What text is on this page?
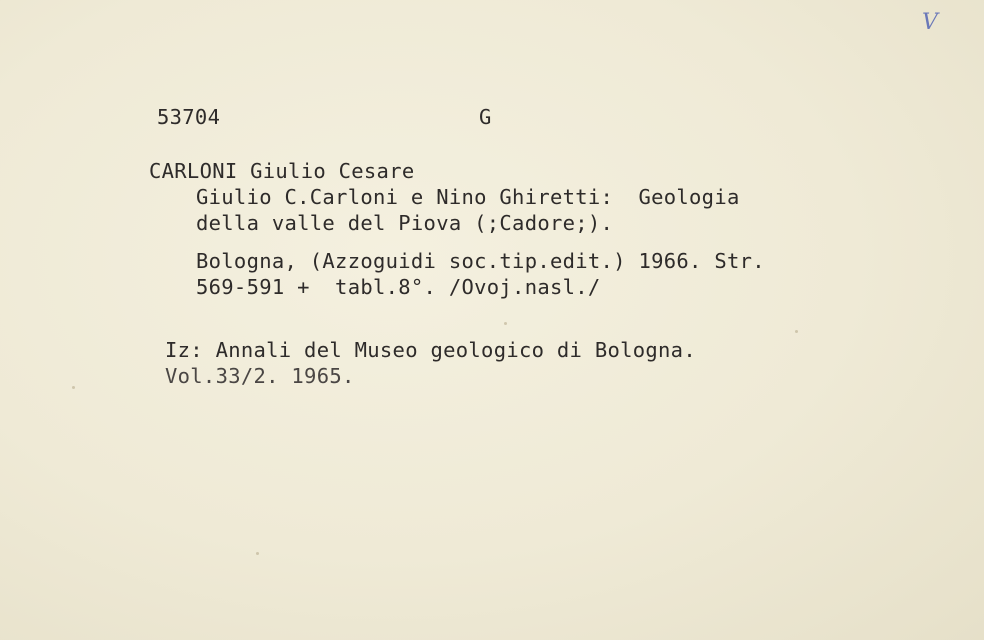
V

53704	G

CARLONI Giulio Cesare

Giulio C.Carloni e Nino Ghiretti:  Geologia

della valle del Piova (;Cadore;).

Bologna, (Azzoguidi soc.tip.edit.) 1966. Str.

569-591 +  tabl.8°. /Ovoj.nasl./

Iz: Annali del Museo geologico di Bologna.

Vol.33/2. 1965.
